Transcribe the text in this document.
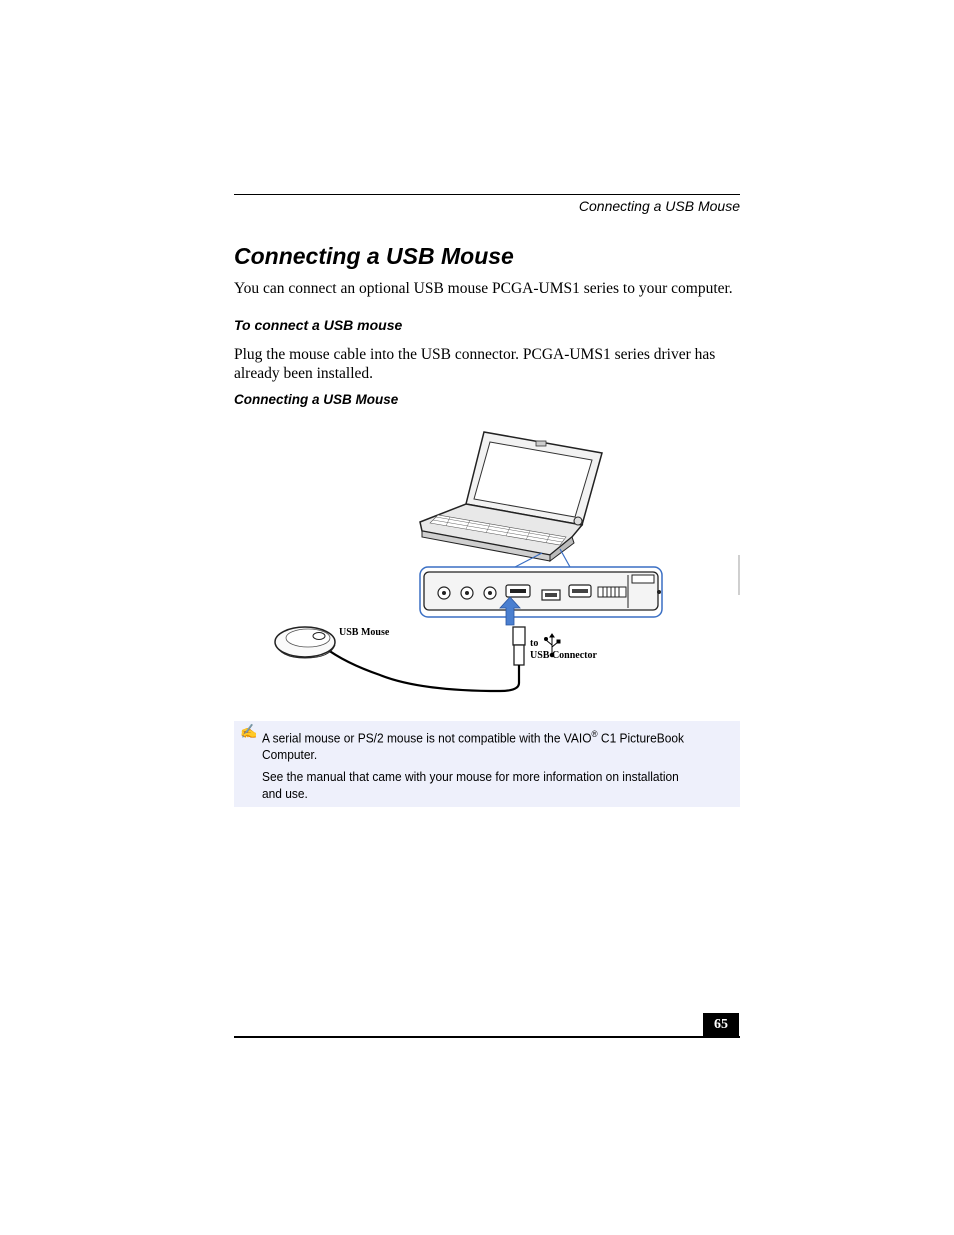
Connecting a USB Mouse
Connecting a USB Mouse

You can connect an optional USB mouse PCGA-UMS1 series to your computer.

To connect a USB mouse

Plug the mouse cable into the USB connector. PCGA-UMS1 series driver has already been installed.

Connecting a USB Mouse
USB Mouse
to
USB Connector
✍ A serial mouse or PS/2 mouse is not compatible with the VAIO® C1 PictureBook Computer.

See the manual that came with your mouse for more information on installation and use.

65
